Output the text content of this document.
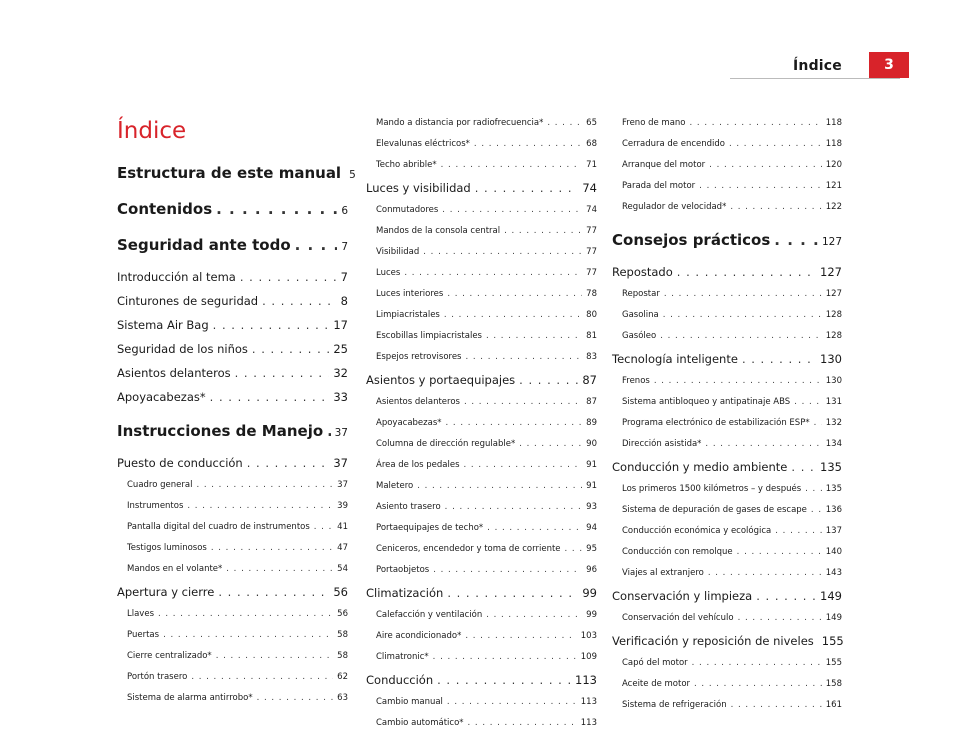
Índice	3
Índice
Estructura de este manual 5
Contenidos . . .	6
Seguridad ante todo . . .	7
Introducción al tema . . .	7
Cinturones de seguridad . . .	8
Sistema Air Bag . . .	17
Seguridad de los niños . . .	25
Asientos delanteros . . .	32
Apoyacabezas* . . .	33
Instrucciones de Manejo . . . 37
Puesto de conducción . . .	37
Cuadro general . . .	37
Instrumentos . . .	39
Pantalla digital del cuadro de instrumentos . . .	41
Testigos luminosos . . .	47
Mandos en el volante* . . .	54
Apertura y cierre . . .	56
Llaves . . .	56
Puertas . . .	58
Cierre centralizado* . . .	58
Portón trasero . . .	62
Sistema de alarma antirrobo* . . .	63
Mando a distancia por radiofrecuencia* . . .	65
Elevalunas eléctricos* . . .	68
Techo abrible* . . .	71
Luces y visibilidad . . .	74
Conmutadores . . .	74
Mandos de la consola central . . .	77
Visibilidad . . .	77
Luces . . .	77
Luces interiores . . .	78
Limpiacristales . . .	80
Escobillas limpiacristales . . .	81
Espejos retrovisores . . .	83
Asientos y portaequipajes . . .	87
Asientos delanteros . . .	87
Apoyacabezas* . . .	89
Columna de dirección regulable* . . .	90
Área de los pedales . . .	91
Maletero . . .	91
Asiento trasero . . .	93
Portaequipajes de techo* . . .	94
Ceniceros, encendedor y toma de corriente . . .	95
Portaobjetos . . .	96
Climatización . . .	99
Calefacción y ventilación . . .	99
Aire acondicionado* . . .	103
Climatronic* . . .	109
Conducción . . .	113
Cambio manual . . .	113
Cambio automático* . . .	113
Freno de mano . . .	118
Cerradura de encendido . . .	118
Arranque del motor . . .	120
Parada del motor . . .	121
Regulador de velocidad* . . .	122
Consejos prácticos . . .	127
Repostado . . .	127
Repostar . . .	127
Gasolina . . .	128
Gasóleo . . .	128
Tecnología inteligente . . .	130
Frenos . . .	130
Sistema antibloqueo y antipatinaje ABS . . .	131
Programa electrónico de estabilización ESP* . . . 132
Dirección asistida* . . .	134
Conducción y medio ambiente . . .	135
Los primeros 1500 kilómetros – y después . . .	135
Sistema de depuración de gases de escape . . . 136
Conducción económica y ecológica . . .	137
Conducción con remolque . . .	140
Viajes al extranjero . . .	143
Conservación y limpieza . . .	149
Conservación del vehículo . . .	149
Verificación y reposición de niveles 155
Capó del motor . . .	155
Aceite de motor . . .	158
Sistema de refrigeración . . .	161
